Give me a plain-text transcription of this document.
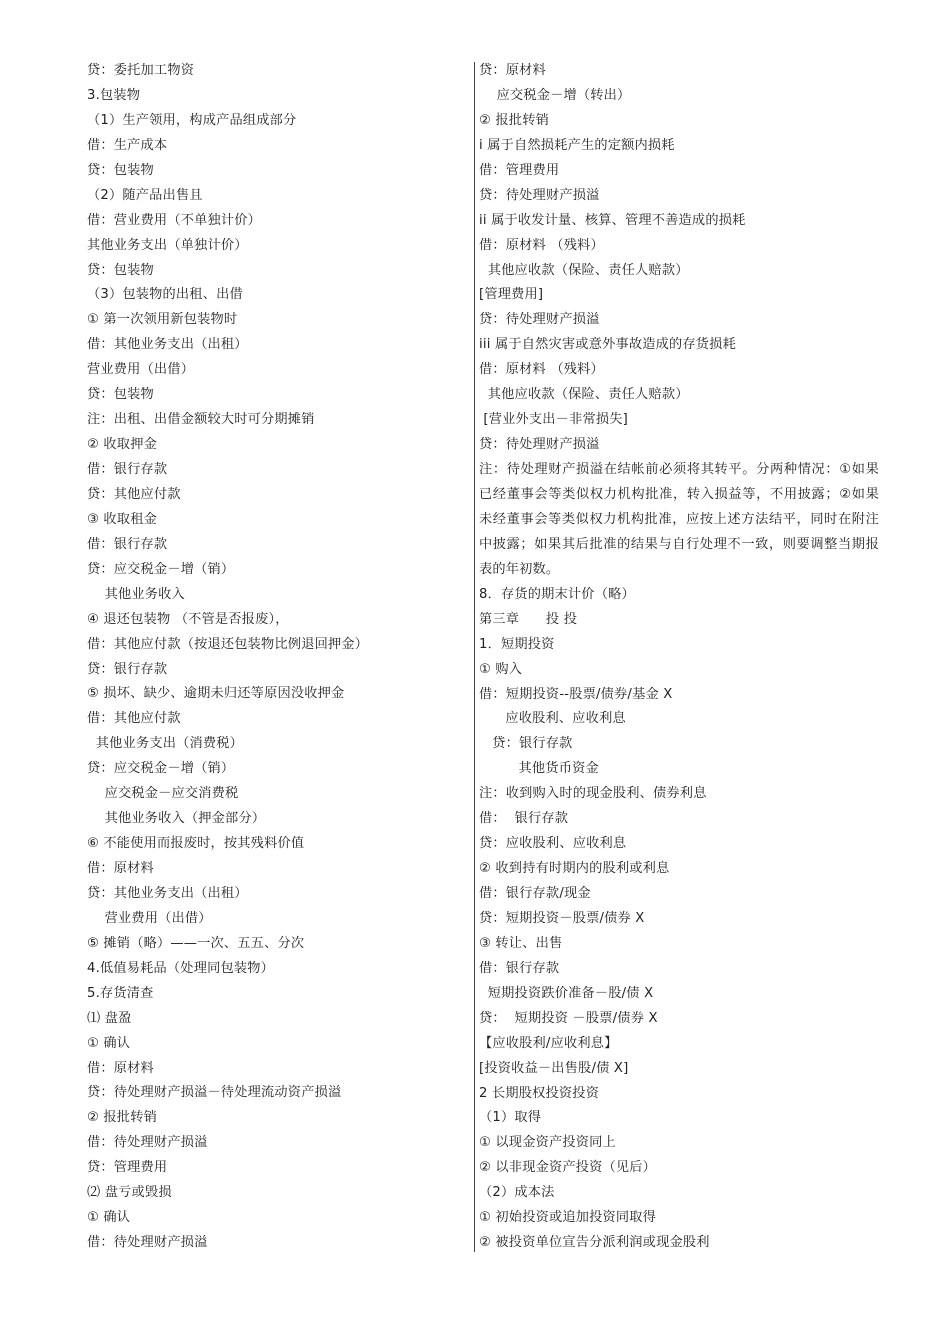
贷：委托加工物资
3.包装物
（1）生产领用，构成产品组成部分
借：生产成本
贷：包装物
（2）随产品出售且
借：营业费用（不单独计价）
其他业务支出（单独计价）
贷：包装物
（3）包装物的出租、出借
① 第一次领用新包装物时
借：其他业务支出（出租）
营业费用（出借）
贷：包装物
注：出租、出借金额较大时可分期摊销
② 收取押金
借：银行存款
贷：其他应付款
③ 收取租金
借：银行存款
贷：应交税金－增（销）
其他业务收入
④ 退还包装物 （不管是否报废），
借：其他应付款（按退还包装物比例退回押金）
贷：银行存款
⑤ 损坏、缺少、逾期未归还等原因没收押金
借：其他应付款
其他业务支出（消费税）
贷：应交税金－增（销）
应交税金－应交消费税
其他业务收入（押金部分）
⑥ 不能使用而报废时，按其残料价值
借：原材料
贷：其他业务支出（出租）
营业费用（出借）
⑤ 摊销（略）——一次、五五、分次
4.低值易耗品（处理同包装物）
5.存货清查
⑴ 盘盈
① 确认
借：原材料
贷：待处理财产损溢－待处理流动资产损溢
② 报批转销
借：待处理财产损溢
贷：管理费用
⑵ 盘亏或毁损
① 确认
借：待处理财产损溢
贷：原材料
应交税金－增（转出）
② 报批转销
i 属于自然损耗产生的定额内损耗
借：管理费用
贷：待处理财产损溢
ii 属于收发计量、核算、管理不善造成的损耗
借：原材料 （残料）
其他应收款（保险、责任人赔款）
[管理费用]
贷：待处理财产损溢
iii 属于自然灾害或意外事故造成的存货损耗
借：原材料 （残料）
其他应收款（保险、责任人赔款）
[营业外支出－非常损失]
贷：待处理财产损溢
注：待处理财产损溢在结帐前必须将其转平。分两种情况：①如果已经董事会等类似权力机构批准，转入损益等，不用披露；②如果未经董事会等类似权力机构批准，应按上述方法结平，同时在附注中披露；如果其后批准的结果与自行处理不一致，则要调整当期报表的年初数。
8．存货的期末计价（略）
第三章　　投 投
1．短期投资
① 购入
借：短期投资--股票/债券/基金 X
应收股利、应收利息
贷：银行存款
其他货币资金
注：收到购入时的现金股利、债券利息
借：  银行存款
贷：应收股利、应收利息
② 收到持有时期内的股利或利息
借：银行存款/现金
贷：短期投资－股票/债券 X
③ 转让、出售
借：银行存款
短期投资跌价准备－股/债 X
贷：  短期投资 －股票/债券 X
【应收股利/应收利息】
[投资收益－出售股/债 X]
2 长期股权投资投资
（1）取得
① 以现金资产投资同上
② 以非现金资产投资（见后）
（2）成本法
① 初始投资或追加投资同取得
② 被投资单位宣告分派利润或现金股利
